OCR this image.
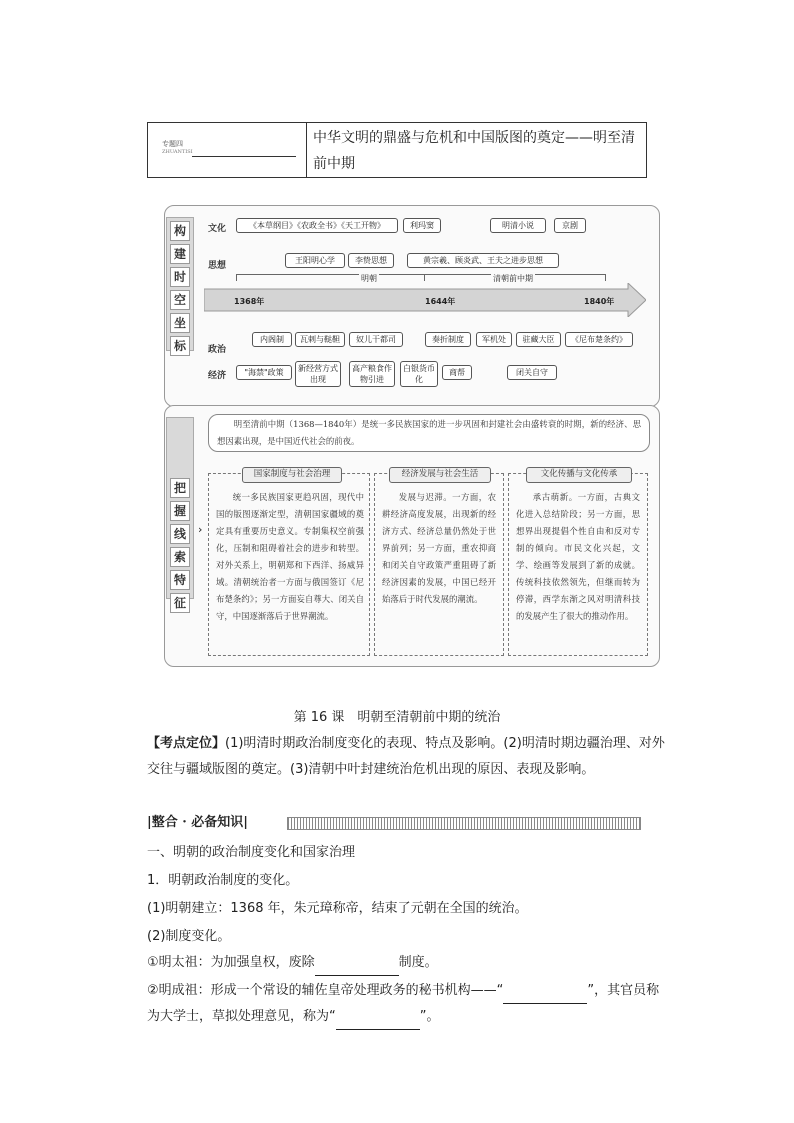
专题四
ZHUANTISI
中华文明的鼎盛与危机和中国版图的奠定——明至清前中期
构
建
时
空
坐
标
文化	《本草纲目》《农政全书》《天工开物》	利玛窦	明清小说	京剧
思想
王阳明心学	李贽思想	黄宗羲、顾炎武、王夫之进步思想
明朝	清朝前中期
1368年	1644年	1840年
政治
内阁制	瓦剌与鞑靼	奴儿干都司	奏折制度	军机处	驻藏大臣	《尼布楚条约》
经济	"海禁"政策	新经营方式出现
高产粮食作物引进
白银货币化
商帮	闭关自守
把
握
线
索
特
征
›
明至清前中期（1368—1840年）是统一多民族国家的进一步巩固和封建社会由盛转衰的时期，新的经济、思想因素出现，是中国近代社会的前夜。
国家制度与社会治理
统一多民族国家更趋巩固，现代中国的版图逐渐定型，清朝国家疆域的奠定具有重要历史意义。专制集权空前强化，压制和阻碍着社会的进步和转型。对外关系上，明朝郑和下西洋、扬威异域。清朝统治者一方面与俄国签订《尼布楚条约》；另一方面妄自尊大、闭关自守，中国逐渐落后于世界潮流。
经济发展与社会生活
发展与迟滞。一方面，农耕经济高度发展，出现新的经济方式、经济总量仍然处于世界前列；另一方面，重农抑商和闭关自守政策严重阻碍了新经济因素的发展，中国已经开始落后于时代发展的潮流。
文化传播与文化传承
承古萌新。一方面，古典文化进入总结阶段；另一方面，思想界出现提倡个性自由和反对专制的倾向。市民文化兴起，文学、绘画等发展到了新的成就。传统科技依然领先，但继而转为停滞，西学东渐之风对明清科技的发展产生了很大的推动作用。
第 16 课　明朝至清朝前中期的统治
【考点定位】(1)明清时期政治制度变化的表现、特点及影响。(2)明清时期边疆治理、对外交往与疆域版图的奠定。(3)清朝中叶封建统治危机出现的原因、表现及影响。
|整合 · 必备知识|
一、明朝的政治制度变化和国家治理
1．明朝政治制度的变化。
(1)明朝建立：1368 年，朱元璋称帝，结束了元朝在全国的统治。
(2)制度变化。
①明太祖：为加强皇权，废除	制度。
②明成祖：形成一个常设的辅佐皇帝处理政务的秘书机构——“	”，其官员称为大学士，草拟处理意见，称为“	”。
